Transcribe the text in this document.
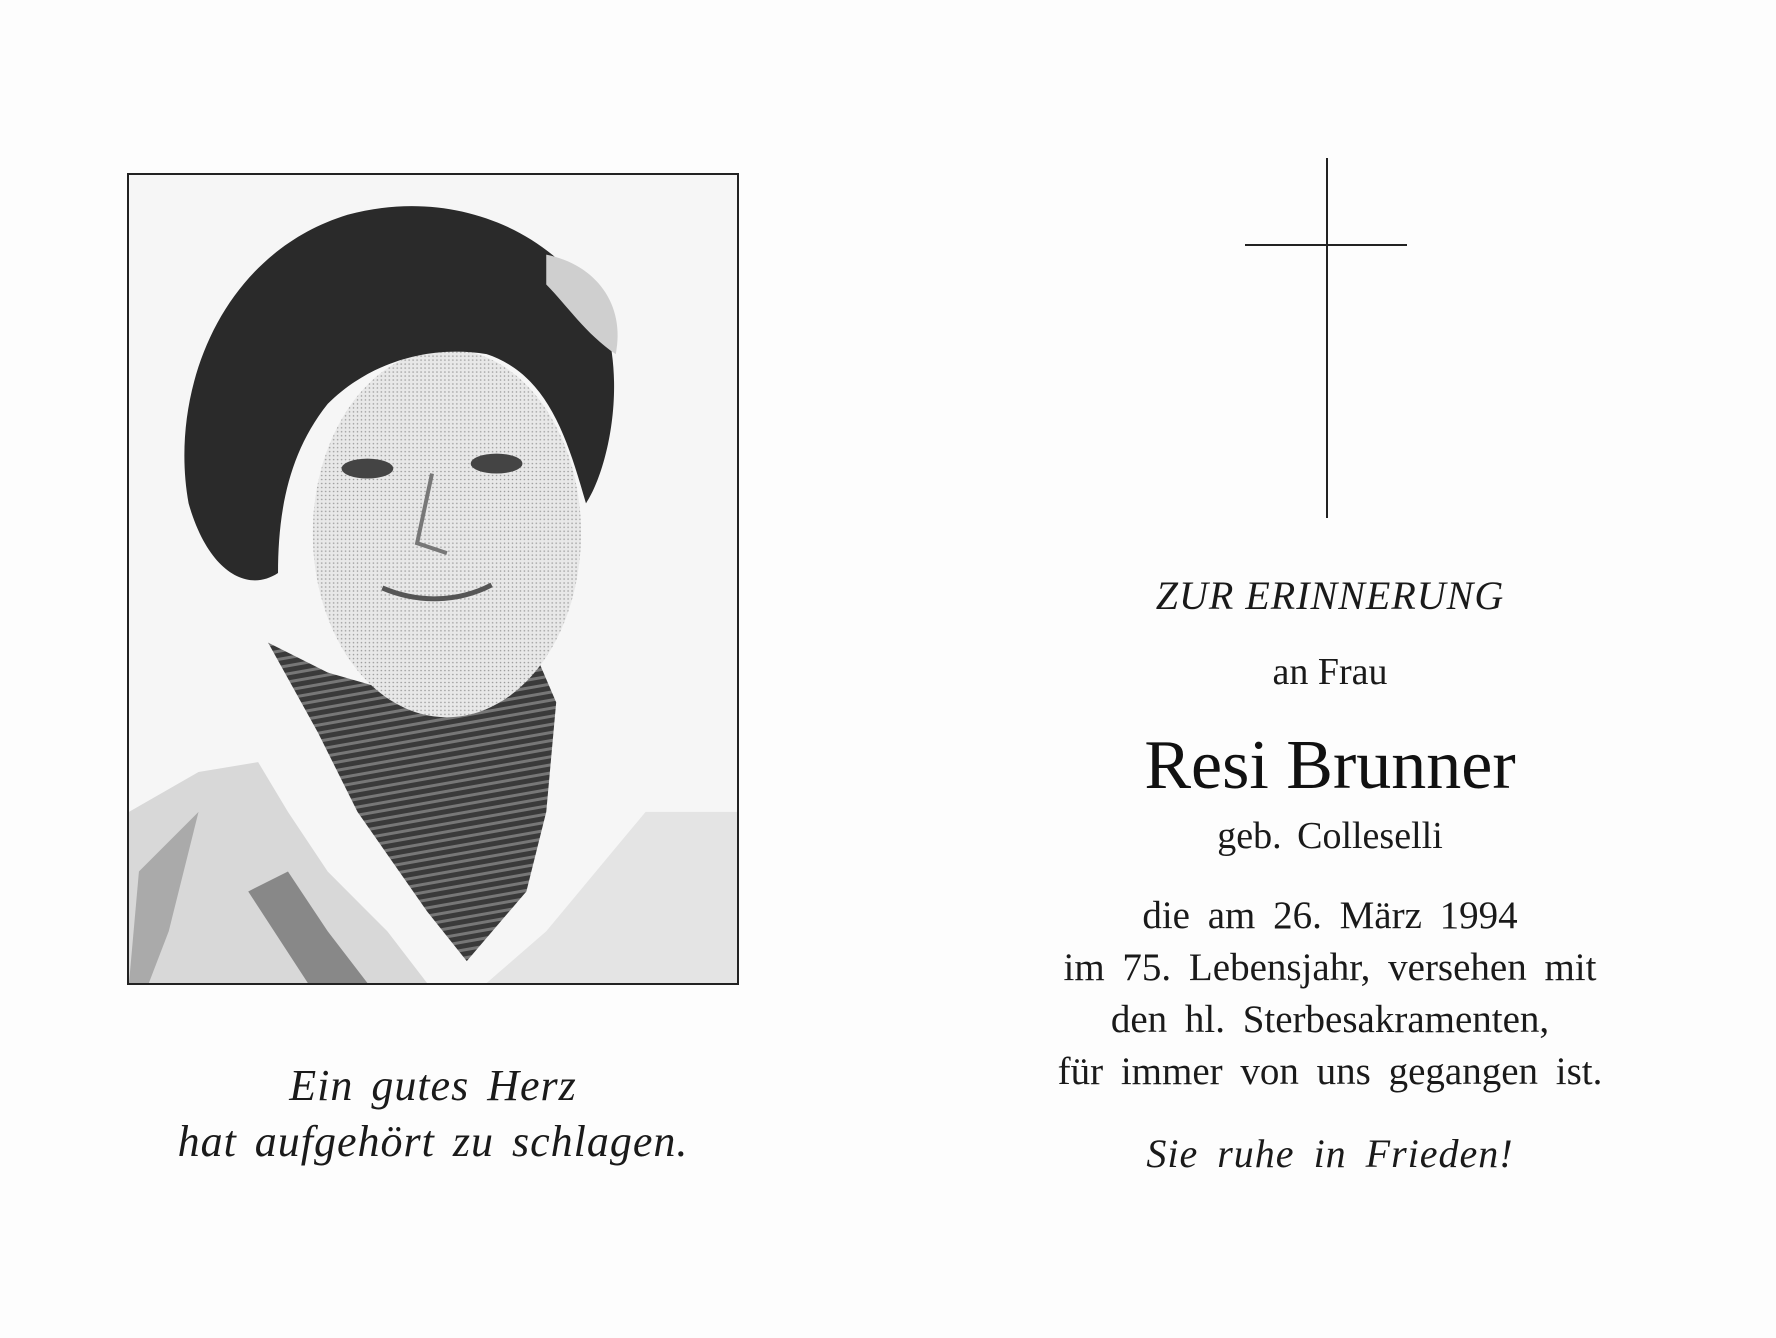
Ein gutes Herz
hat aufgehört zu schlagen.
ZUR ERINNERUNG
an Frau
Resi Brunner
geb. Colleselli
die am 26. März 1994
im 75. Lebensjahr, versehen mit
den hl. Sterbesakramenten,
für immer von uns gegangen ist.
Sie ruhe in Frieden!
